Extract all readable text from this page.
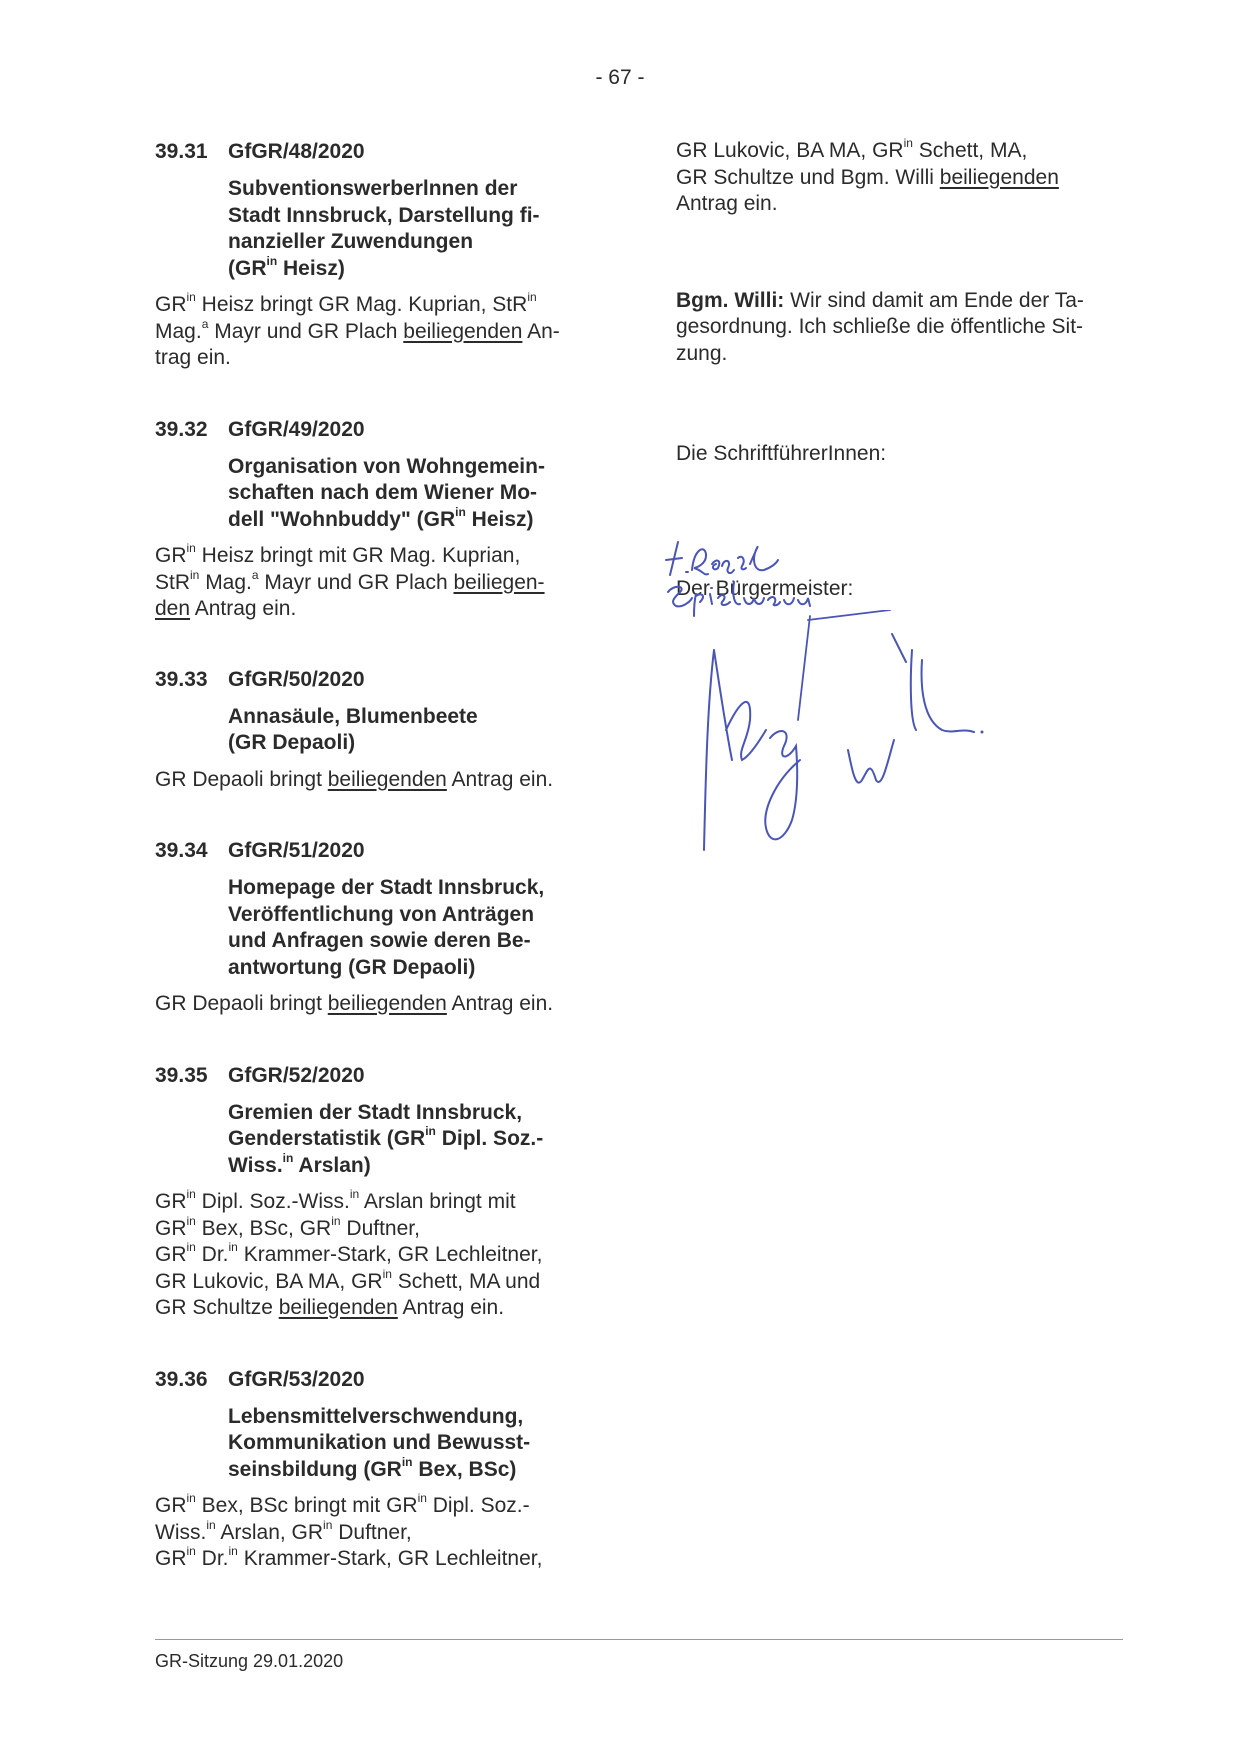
- 67 -
39.31 GfGR/48/2020
Subventionswerberlnnen der
Stadt Innsbruck, Darstellung fi-
nanzieller Zuwendungen
($GR^{in}$ Heisz)
$GR^{in}$ Heisz bringt GR Mag. Kuprian, StR$^{in}$
Mag.$^a$ Mayr und GR Plach beiliegenden An-
trag ein.
39.32 GfGR/49/2020
Organisation von Wohngemein-
schaften nach dem Wiener Mo-
dell "Wohnbuddy" ($GR^{in}$ Heisz)
$GR^{in}$ Heisz bringt mit GR Mag. Kuprian,
StR$^{in}$ Mag.$^a$ Mayr und GR Plach beiliegen-
den Antrag ein.
39.33 GfGR/50/2020
Annasäule, Blumenbeete
(GR Depaoli)
GR Depaoli bringt beiliegenden Antrag ein.
39.34 GfGR/51/2020
Homepage der Stadt Innsbruck,
Veröffentlichung von Anträgen
und Anfragen sowie deren Be-
antwortung (GR Depaoli)
GR Depaoli bringt beiliegenden Antrag ein.
39.35 GfGR/52/2020
Gremien der Stadt Innsbruck,
Genderstatistik ($GR^{in}$ Dipl. Soz.-
Wiss.$^{in}$ Arslan)
$GR^{in}$ Dipl. Soz.-Wiss.$^{in}$ Arslan bringt mit
$GR^{in}$ Bex, BSc, $GR^{in}$ Duftner,
$GR^{in}$ Dr.$^{in}$ Krammer-Stark, GR Lechleitner,
GR Lukovic, BA MA, $GR^{in}$ Schett, MA und
GR Schultze beiliegenden Antrag ein.
39.36 GfGR/53/2020
Lebensmittelverschwendung,
Kommunikation und Bewusst-
seinsbildung ($GR^{in}$ Bex, BSc)
$GR^{in}$ Bex, BSc bringt mit $GR^{in}$ Dipl. Soz.-
Wiss.$^{in}$ Arslan, $GR^{in}$ Duftner,
$GR^{in}$ Dr.$^{in}$ Krammer-Stark, GR Lechleitner,
GR Lukovic, BA MA, $GR^{in}$ Schett, MA,
GR Schultze und Bgm. Willi beiliegenden
Antrag ein.
Bgm. Willi: Wir sind damit am Ende der Ta-
gesordnung. Ich schließe die öffentliche Sit-
zung.
Die SchriftführerInnen:
Der Bürgermeister:
GR-Sitzung 29.01.2020
